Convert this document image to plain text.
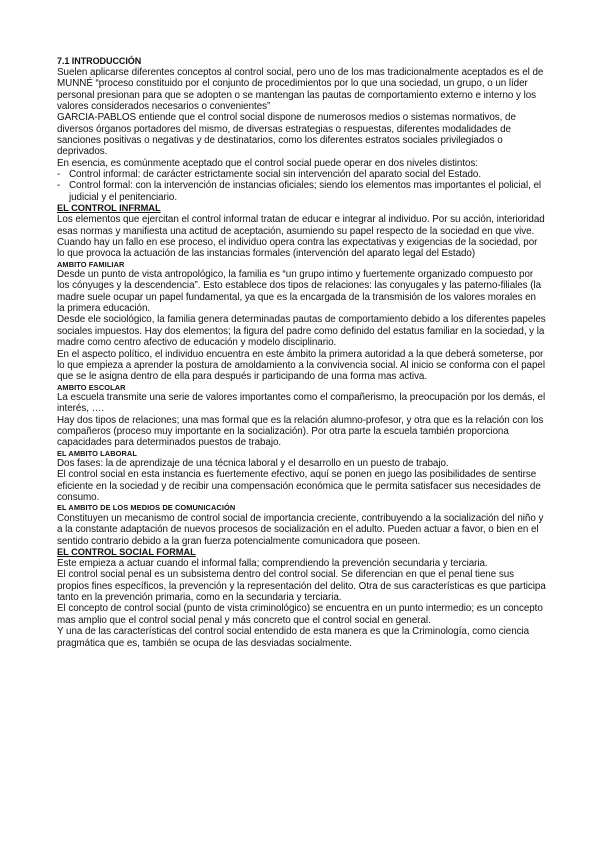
7.1 INTRODUCCIÓN

Suelen aplicarse diferentes conceptos al control social, pero uno de los mas tradicionalmente aceptados es el de MUNNÉ “proceso constituido por el conjunto de procedimientos por lo que una sociedad, un grupo, o un líder personal presionan para que se adopten o se mantengan las pautas de comportamiento externo e interno y los valores considerados necesarios o convenientes”

GARCIA-PABLOS entiende que el control social dispone de numerosos medios o sistemas normativos, de diversos órganos portadores del mismo, de diversas estrategias o respuestas, diferentes modalidades de sanciones positivas o negativas y de destinatarios, como los diferentes estratos sociales privilegiados o deprivados.

En esencia, es comúnmente aceptado que el control social puede operar en dos niveles distintos:

- Control informal: de carácter estrictamente social sin intervención del aparato social del Estado.
- Control formal: con la intervención de instancias oficiales; siendo los elementos mas importantes el policial, el judicial y el penitenciario.

EL CONTROL INFRMAL

Los elementos que ejercitan el control informal tratan de educar e integrar al individuo. Por su acción, interioridad esas normas y manifiesta una actitud de aceptación, asumiendo su papel respecto de la sociedad en que vive. Cuando hay un fallo en ese proceso, el individuo opera contra las expectativas y exigencias de la sociedad, por lo que provoca la actuación de las instancias formales (intervención del aparato legal del Estado)

AMBITO FAMILIAR

Desde un punto de vista antropológico, la familia es “un grupo intimo y fuertemente organizado compuesto por los cónyuges y la descendencia”. Esto establece dos tipos de relaciones: las conyugales y las paterno-filiales (la madre suele ocupar un papel fundamental, ya que es la encargada de la transmisión de los valores morales en la primera educación.

Desde ele sociológico, la familia genera determinadas pautas de comportamiento debido a los diferentes papeles sociales impuestos. Hay dos elementos; la figura del padre como definido del estatus familiar en la sociedad, y la madre como centro afectivo de educación y modelo disciplinario.

En el aspecto político, el individuo encuentra en este ámbito la primera autoridad a la que deberá someterse, por lo que empieza a aprender la postura de amoldamiento a la convivencia social. Al inicio se conforma con el papel que se le asigna dentro de ella para después ir participando de una forma mas activa.

AMBITO ESCOLAR

La escuela transmite una serie de valores importantes como el compañerismo, la preocupación por los demás, el interés, ….

Hay dos tipos de relaciones; una mas formal que es la relación alumno-profesor, y otra que es la relación con los compañeros (proceso muy importante en la socialización). Por otra parte la escuela también proporciona capacidades para determinados puestos de trabajo.

EL AMBITO LABORAL

Dos fases: la de aprendizaje de una técnica laboral y el desarrollo en un puesto de trabajo.

El control social en esta instancia es fuertemente efectivo, aquí se ponen en juego las posibilidades de sentirse eficiente en la sociedad y de recibir una compensación económica que le permita satisfacer sus necesidades de consumo.

EL AMBITO DE LOS MEDIOS DE COMUNICACIÓN

Constituyen un mecanismo de control social de importancia creciente, contribuyendo a la socialización del niño y a la constante adaptación de nuevos procesos de socialización en el adulto. Pueden actuar a favor, o bien en el sentido contrario debido a la gran fuerza potencialmente comunicadora que poseen.

EL CONTROL SOCIAL FORMAL

Este empieza a actuar cuando el informal falla; comprendiendo la prevención secundaria y terciaria.

El control social penal es un subsistema dentro del control social. Se diferencian en que el penal tiene sus propios fines específicos, la prevención y la representación del delito. Otra de sus características es que participa tanto en la prevención primaria, como en la secundaria y terciaria.

El concepto de control social (punto de vista criminológico) se encuentra en un punto intermedio; es un concepto mas amplio que el control social penal y más concreto que el control social en general.

Y una de las características del control social entendido de esta manera es que la Criminología, como ciencia pragmática que es, también se ocupa de las desviadas socialmente.
